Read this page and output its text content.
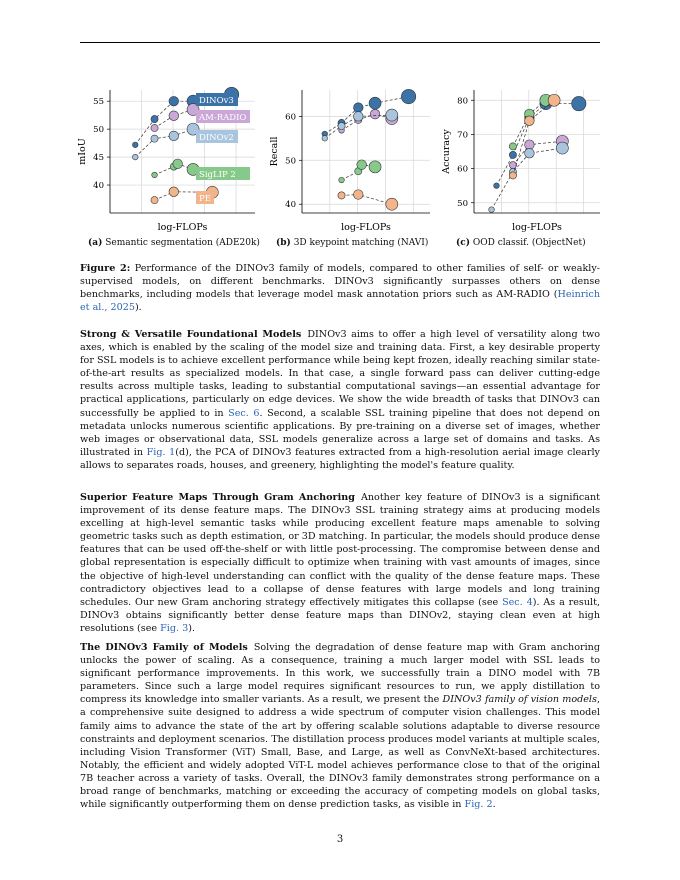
40
45
50
55
log-FLOPs
mIoU
DINOv3
AM-RADIO
DINOv2
SigLIP 2
PE
40
50
60
log-FLOPs
Recall
50
60
70
80
log-FLOPs
Accuracy
(a) Semantic segmentation (ADE20k) (b) 3D keypoint matching (NAVI)	(c) OOD classif. (ObjectNet)
Figure 2: Performance of the DINOv3 family of models, compared to other families of self- or weakly-supervised models, on different benchmarks. DINOv3 significantly surpasses others on dense benchmarks, including models that leverage model mask annotation priors such as AM-RADIO (Heinrich et al., 2025).
Strong & Versatile Foundational Models DINOv3 aims to offer a high level of versatility along two axes, which is enabled by the scaling of the model size and training data. First, a key desirable property for SSL models is to achieve excellent performance while being kept frozen, ideally reaching similar state-of-the-art results as specialized models. In that case, a single forward pass can deliver cutting-edge results across multiple tasks, leading to substantial computational savings—an essential advantage for practical applications, particularly on edge devices. We show the wide breadth of tasks that DINOv3 can successfully be applied to in Sec. 6. Second, a scalable SSL training pipeline that does not depend on metadata unlocks numerous scientific applications. By pre-training on a diverse set of images, whether web images or observational data, SSL models generalize across a large set of domains and tasks. As illustrated in Fig. 1(d), the PCA of DINOv3 features extracted from a high-resolution aerial image clearly allows to separates roads, houses, and greenery, highlighting the model's feature quality.
Superior Feature Maps Through Gram Anchoring Another key feature of DINOv3 is a significant improvement of its dense feature maps. The DINOv3 SSL training strategy aims at producing models excelling at high-level semantic tasks while producing excellent feature maps amenable to solving geometric tasks such as depth estimation, or 3D matching. In particular, the models should produce dense features that can be used off-the-shelf or with little post-processing. The compromise between dense and global representation is especially difficult to optimize when training with vast amounts of images, since the objective of high-level understanding can conflict with the quality of the dense feature maps. These contradictory objectives lead to a collapse of dense features with large models and long training schedules. Our new Gram anchoring strategy effectively mitigates this collapse (see Sec. 4). As a result, DINOv3 obtains significantly better dense feature maps than DINOv2, staying clean even at high resolutions (see Fig. 3).
The DINOv3 Family of Models Solving the degradation of dense feature map with Gram anchoring unlocks the power of scaling. As a consequence, training a much larger model with SSL leads to significant performance improvements. In this work, we successfully train a DINO model with 7B parameters. Since such a large model requires significant resources to run, we apply distillation to compress its knowledge into smaller variants. As a result, we present the DINOv3 family of vision models, a comprehensive suite designed to address a wide spectrum of computer vision challenges. This model family aims to advance the state of the art by offering scalable solutions adaptable to diverse resource constraints and deployment scenarios. The distillation process produces model variants at multiple scales, including Vision Transformer (ViT) Small, Base, and Large, as well as ConvNeXt-based architectures. Notably, the efficient and widely adopted ViT-L model achieves performance close to that of the original 7B teacher across a variety of tasks. Overall, the DINOv3 family demonstrates strong performance on a broad range of benchmarks, matching or exceeding the accuracy of competing models on global tasks, while significantly outperforming them on dense prediction tasks, as visible in Fig. 2.
3
